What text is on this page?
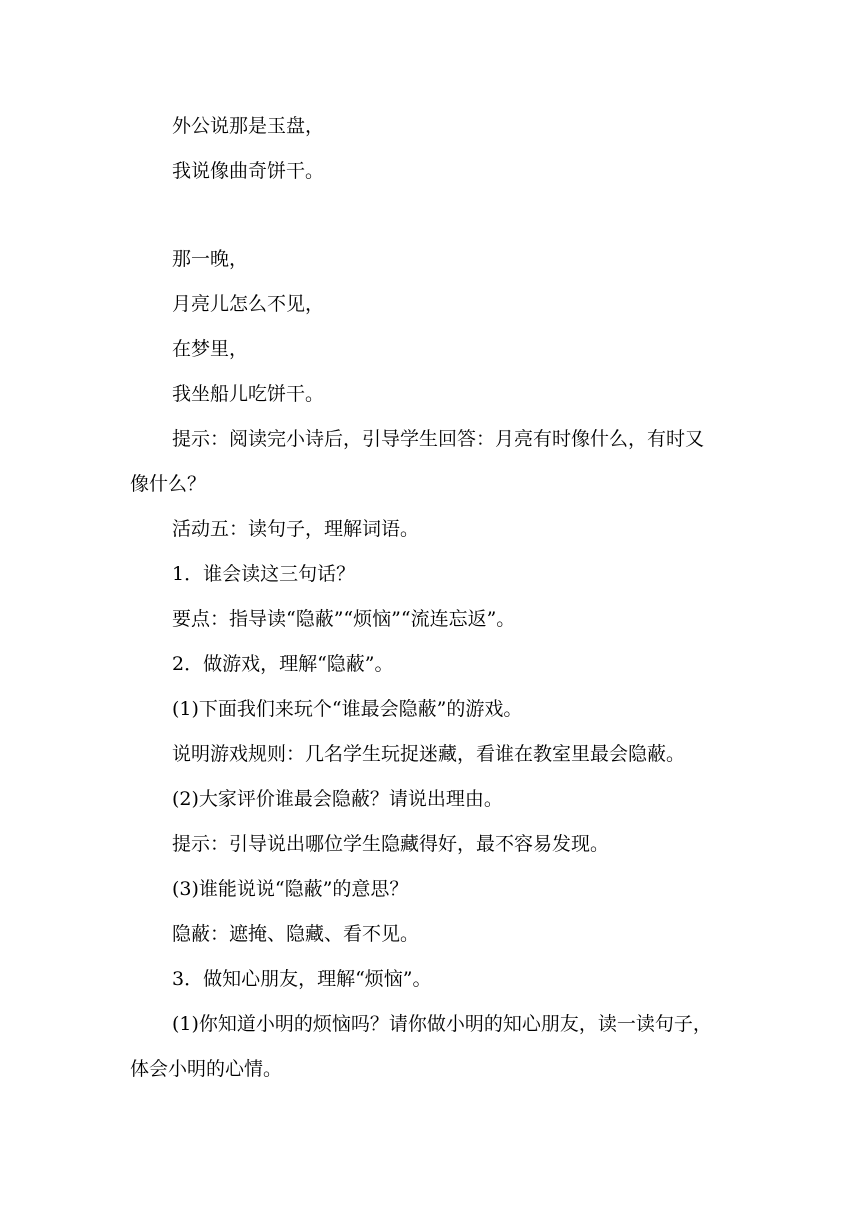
外公说那是玉盘，
我说像曲奇饼干。
那一晚，
月亮儿怎么不见，
在梦里，
我坐船儿吃饼干。
提示：阅读完小诗后，引导学生回答：月亮有时像什么，有时又
像什么？
活动五：读句子，理解词语。
1．谁会读这三句话？
要点：指导读“隐蔽”“烦恼”“流连忘返”。
2．做游戏，理解“隐蔽”。
(1)下面我们来玩个“谁最会隐蔽”的游戏。
说明游戏规则：几名学生玩捉迷藏，看谁在教室里最会隐蔽。
(2)大家评价谁最会隐蔽？请说出理由。
提示：引导说出哪位学生隐藏得好，最不容易发现。
(3)谁能说说“隐蔽”的意思？
隐蔽：遮掩、隐藏、看不见。
3．做知心朋友，理解“烦恼”。
(1)你知道小明的烦恼吗？请你做小明的知心朋友，读一读句子，
体会小明的心情。
